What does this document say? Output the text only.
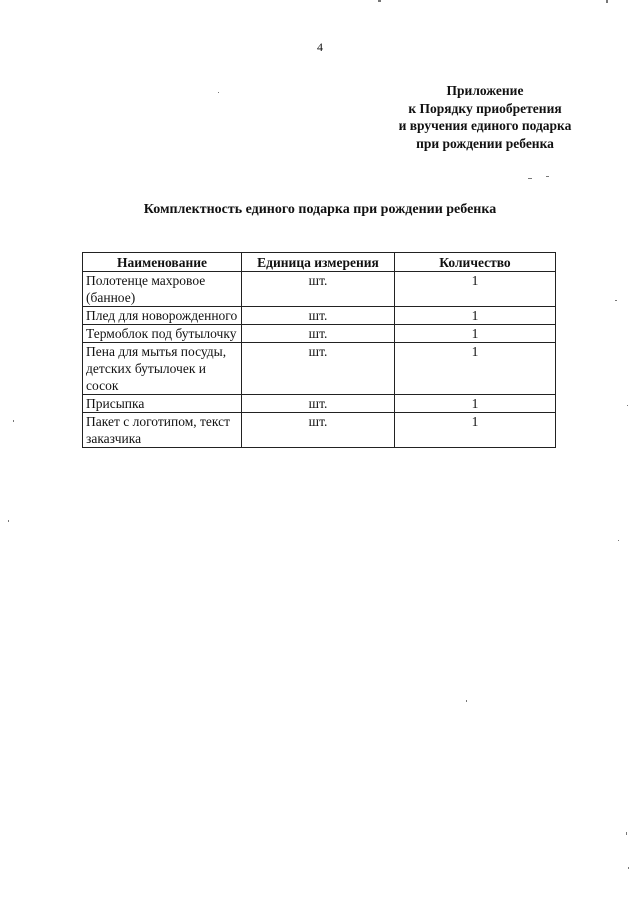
4
Приложение
к Порядку приобретения
и вручения единого подарка
при рождении ребенка
Комплектность единого подарка при рождении ребенка
Наименование	Единица измерения	Количество
Полотенце махровое (банное)	шт.	1
Плед для новорожденного	шт.	1
Термоблок под бутылочку	шт.	1
Пена для мытья посуды, детских бутылочек и сосок	шт.	1
Присыпка	шт.	1
Пакет с логотипом, текст заказчика	шт.	1
